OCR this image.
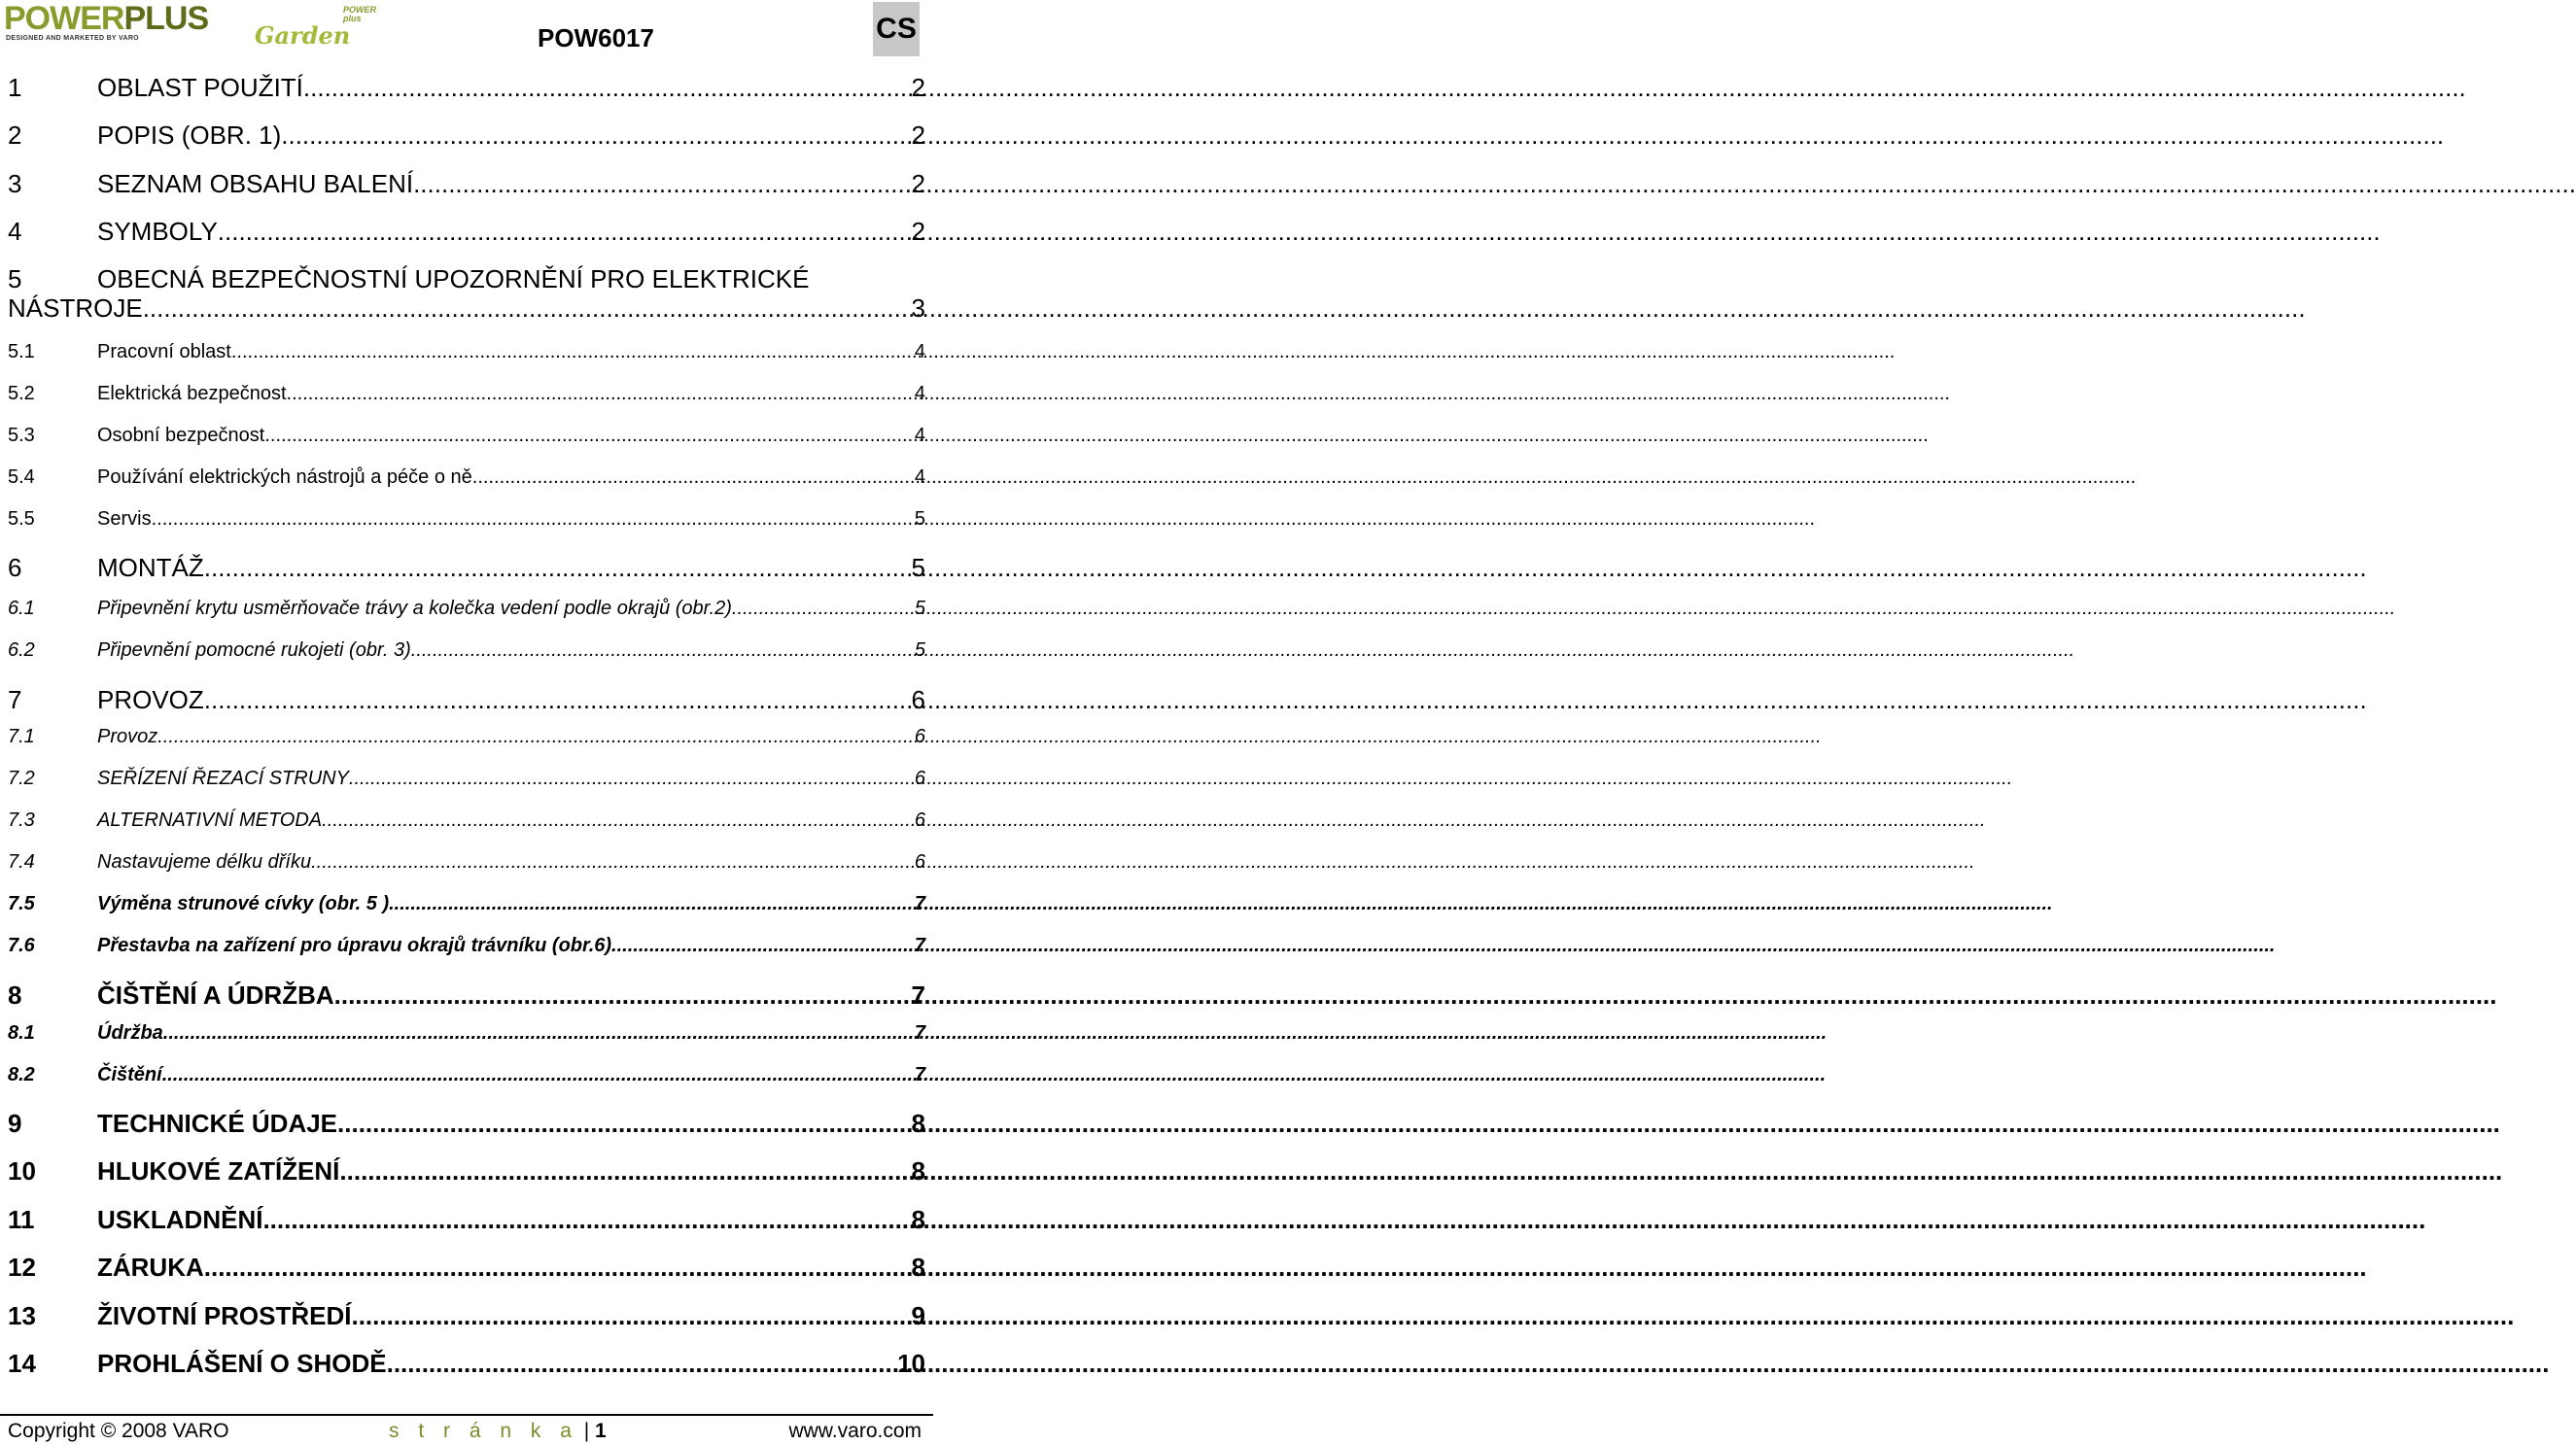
POWERPLUS	POWER plus
DESIGNED AND MARKETED BY VARO	Garden	POW6017	CS
1	OBLAST POUŽITÍ .....	2
2	POPIS (OBR. 1) .....	2
3	SEZNAM OBSAHU BALENÍ .....	2
4	SYMBOLY .....	2
5	OBECNÁ BEZPEČNOSTNÍ UPOZORNĚNÍ PRO ELEKTRICKÉ
NÁSTROJE .....	3
5.1	Pracovní oblast .....	4
5.2	Elektrická bezpečnost .....	4
5.3	Osobní bezpečnost .....	4
5.4	Používání elektrických nástrojů a péče o ně .....	4
5.5	Servis .....	5
6	MONTÁŽ .....	5
6.1	Připevnění krytu usměrňovače trávy a kolečka vedení podle okrajů (obr.2) .....	5
6.2	Připevnění pomocné rukojeti (obr. 3) .....	5
7	PROVOZ .....	6
7.1	Provoz .....	6
7.2	SEŘÍZENÍ ŘEZACÍ STRUNY .....	6
7.3	ALTERNATIVNÍ METODA .....	6
7.4	Nastavujeme délku dříku .....	6
7.5	Výměna strunové cívky (obr. 5 ) .....	7
7.6	Přestavba na zařízení pro úpravu okrajů trávníku (obr.6) .....	7
8	ČIŠTĚNÍ A ÚDRŽBA .....	7
8.1	Údržba .....	7
8.2	Čištění .....	7
9	TECHNICKÉ ÚDAJE .....	8
10	HLUKOVÉ ZATÍŽENÍ .....	8
11	USKLADNĚNÍ .....	8
12	ZÁRUKA .....	8
13	ŽIVOTNÍ PROSTŘEDÍ .....	9
14	PROHLÁŠENÍ O SHODĚ .....	10
Copyright © 2008 VARO	s t r á n k a | 1	www.varo.com
